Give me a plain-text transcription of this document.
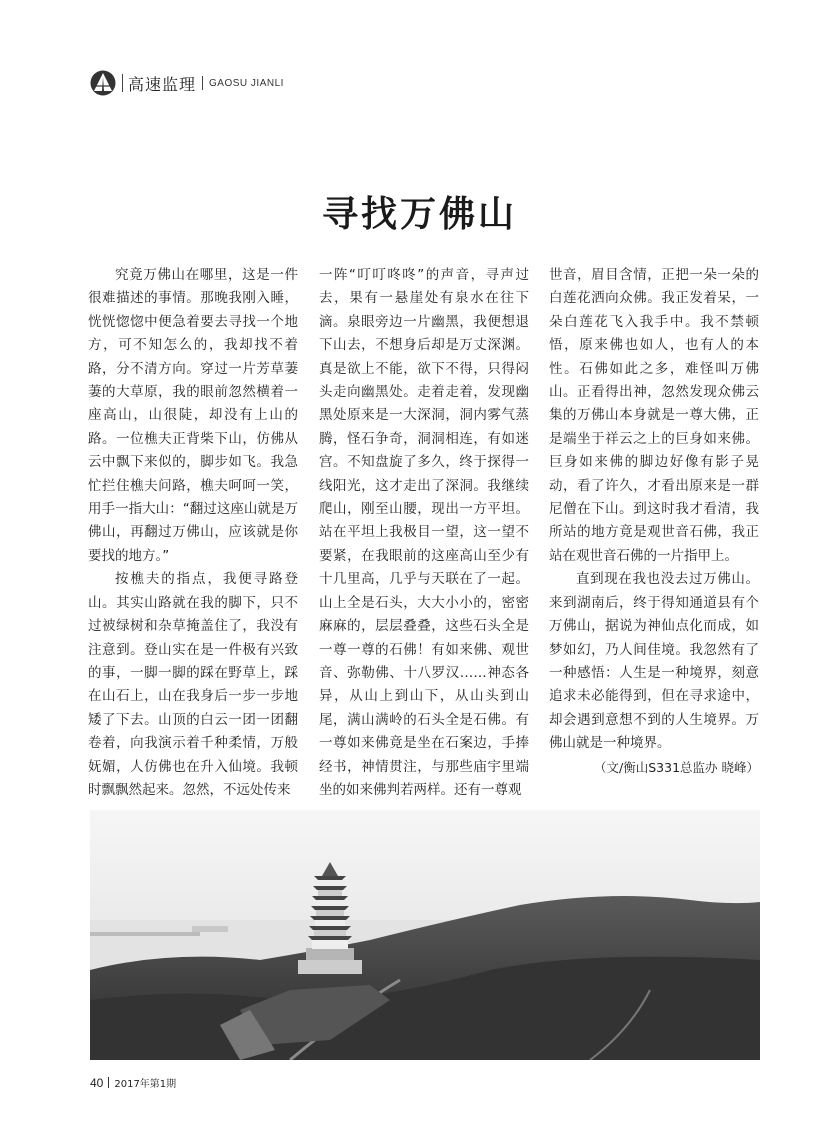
高速监理 GAOSU JIANLI
寻找万佛山

究竟万佛山在哪里，这是一件很难描述的事情。那晚我刚入睡，恍恍惚惚中便急着要去寻找一个地方，可不知怎么的，我却找不着路，分不清方向。穿过一片芳草萋萋的大草原，我的眼前忽然横着一座高山，山很陡，却没有上山的路。一位樵夫正背柴下山，仿佛从云中飘下来似的，脚步如飞。我急忙拦住樵夫问路，樵夫呵呵一笑，用手一指大山：“翻过这座山就是万佛山，再翻过万佛山，应该就是你要找的地方。”

按樵夫的指点，我便寻路登山。其实山路就在我的脚下，只不过被绿树和杂草掩盖住了，我没有注意到。登山实在是一件极有兴致的事，一脚一脚的踩在野草上，踩在山石上，山在我身后一步一步地矮了下去。山顶的白云一团一团翻卷着，向我演示着千种柔情，万般妩媚，人仿佛也在升入仙境。我顿时飘飘然起来。忽然，不远处传来

一阵“叮叮咚咚”的声音，寻声过去，果有一悬崖处有泉水在往下滴。泉眼旁边一片幽黑，我便想退下山去，不想身后却是万丈深渊。真是欲上不能，欲下不得，只得闷头走向幽黑处。走着走着，发现幽黑处原来是一大深洞，洞内雾气蒸腾，怪石争奇，洞洞相连，有如迷宫。不知盘旋了多久，终于探得一线阳光，这才走出了深洞。我继续爬山，刚至山腰，现出一方平坦。站在平坦上我极目一望，这一望不要紧，在我眼前的这座高山至少有十几里高，几乎与天联在了一起。山上全是石头，大大小小的，密密麻麻的，层层叠叠，这些石头全是一尊一尊的石佛！有如来佛、观世音、弥勒佛、十八罗汉……神态各异，从山上到山下，从山头到山尾，满山满岭的石头全是石佛。有一尊如来佛竟是坐在石案边，手捧经书，神情贯注，与那些庙宇里端坐的如来佛判若两样。还有一尊观

世音，眉目含情，正把一朵一朵的白莲花洒向众佛。我正发着呆，一朵白莲花飞入我手中。我不禁顿悟，原来佛也如人，也有人的本性。石佛如此之多，难怪叫万佛山。正看得出神，忽然发现众佛云集的万佛山本身就是一尊大佛，正是端坐于祥云之上的巨身如来佛。巨身如来佛的脚边好像有影子晃动，看了许久，才看出原来是一群尼僧在下山。到这时我才看清，我所站的地方竟是观世音石佛，我正站在观世音石佛的一片指甲上。

直到现在我也没去过万佛山。来到湖南后，终于得知通道县有个万佛山，据说为神仙点化而成，如梦如幻，乃人间佳境。我忽然有了一种感悟：人生是一种境界，刻意追求未必能得到，但在寻求途中，却会遇到意想不到的人生境界。万佛山就是一种境界。

（文/衡山S331总监办 晓峰）

40 2017年第1期
